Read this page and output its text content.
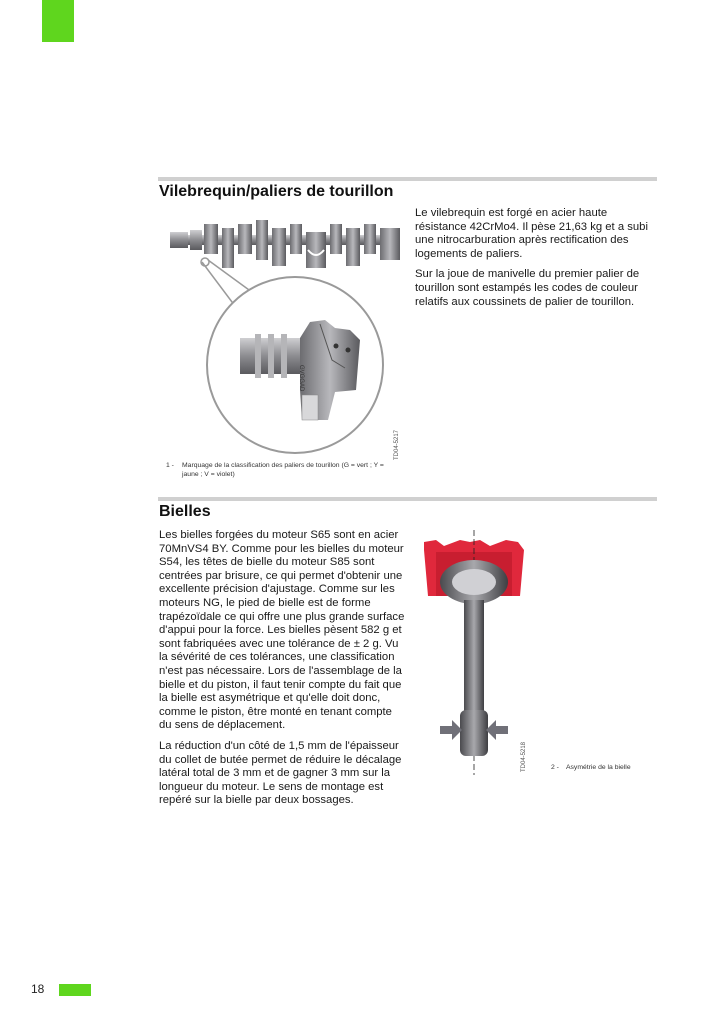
Vilebrequin/paliers de tourillon

Le vilebrequin est forgé en acier haute résistance 42CrMo4. Il pèse 21,63 kg et a subi une nitrocarburation après rectification des logements de paliers.

Sur la joue de manivelle du premier palier de tourillon sont estampés les codes de couleur relatifs aux coussinets de palier de tourillon.

GVGGAD
TD04-5217
1 - Marquage de la classification des paliers de tourillon (G = vert ; Y = jaune ; V = violet)
Bielles

Les bielles forgées du moteur S65 sont en acier 70MnVS4 BY. Comme pour les bielles du moteur S54, les têtes de bielle du moteur S85 sont centrées par brisure, ce qui permet d'obtenir une excellente précision d'ajustage. Comme sur les moteurs NG, le pied de bielle est de forme trapézoïdale ce qui offre une plus grande surface d'appui pour la force. Les bielles pèsent 582 g et sont fabriquées avec une tolérance de ± 2 g. Vu la sévérité de ces tolérances, une classification n'est pas nécessaire. Lors de l'assemblage de la bielle et du piston, il faut tenir compte du fait que la bielle est asymétrique et qu'elle doit donc, comme le piston, être monté en tenant compte du sens de déplacement.

La réduction d'un côté de 1,5 mm de l'épaisseur du collet de butée permet de réduire le décalage latéral total de 3 mm et de gagner 3 mm sur la longueur du moteur. Le sens de montage est repéré sur la bielle par deux bossages.

TD04-5218	2 - Asymétrie de la bielle
18
